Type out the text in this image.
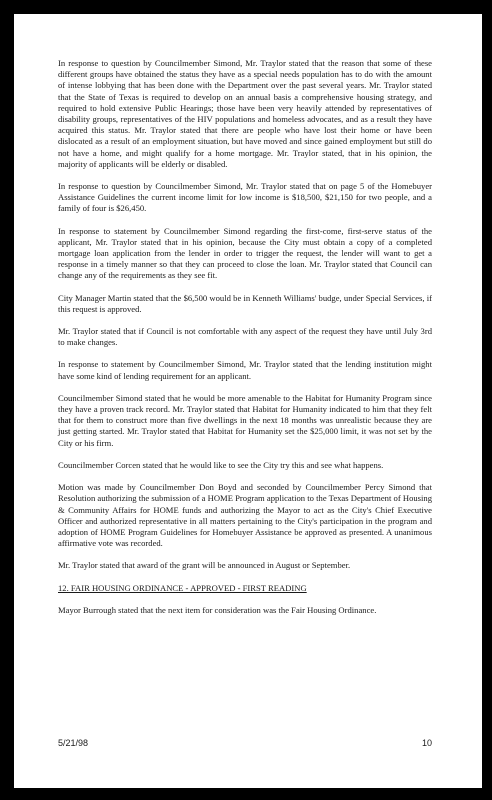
In response to question by Councilmember Simond, Mr. Traylor stated that the reason that some of these different groups have obtained the status they have as a special needs population has to do with the amount of intense lobbying that has been done with the Department over the past several years. Mr. Traylor stated that the State of Texas is required to develop on an annual basis a comprehensive housing strategy, and required to hold extensive Public Hearings; those have been very heavily attended by representatives of disability groups, representatives of the HIV populations and homeless advocates, and as a result they have acquired this status. Mr. Traylor stated that there are people who have lost their home or have been dislocated as a result of an employment situation, but have moved and since gained employment but still do not have a home, and might qualify for a home mortgage. Mr. Traylor stated, that in his opinion, the majority of applicants will be elderly or disabled.

In response to question by Councilmember Simond, Mr. Traylor stated that on page 5 of the Homebuyer Assistance Guidelines the current income limit for low income is $18,500, $21,150 for two people, and a family of four is $26,450.

In response to statement by Councilmember Simond regarding the first-come, first-serve status of the applicant, Mr. Traylor stated that in his opinion, because the City must obtain a copy of a completed mortgage loan application from the lender in order to trigger the request, the lender will want to get a response in a timely manner so that they can proceed to close the loan. Mr. Traylor stated that Council can change any of the requirements as they see fit.

City Manager Martin stated that the $6,500 would be in Kenneth Williams' budge, under Special Services, if this request is approved.

Mr. Traylor stated that if Council is not comfortable with any aspect of the request they have until July 3rd to make changes.

In response to statement by Councilmember Simond, Mr. Traylor stated that the lending institution might have some kind of lending requirement for an applicant.

Councilmember Simond stated that he would be more amenable to the Habitat for Humanity Program since they have a proven track record. Mr. Traylor stated that Habitat for Humanity indicated to him that they felt that for them to construct more than five dwellings in the next 18 months was unrealistic because they are just getting started. Mr. Traylor stated that Habitat for Humanity set the $25,000 limit, it was not set by the City or his firm.

Councilmember Corcen stated that he would like to see the City try this and see what happens.

Motion was made by Councilmember Don Boyd and seconded by Councilmember Percy Simond that Resolution authorizing the submission of a HOME Program application to the Texas Department of Housing & Community Affairs for HOME funds and authorizing the Mayor to act as the City's Chief Executive Officer and authorized representative in all matters pertaining to the City's participation in the program and adoption of HOME Program Guidelines for Homebuyer Assistance be approved as presented. A unanimous affirmative vote was recorded.

Mr. Traylor stated that award of the grant will be announced in August or September.

12. FAIR HOUSING ORDINANCE - APPROVED - FIRST READING

Mayor Burrough stated that the next item for consideration was the Fair Housing Ordinance.

5/21/98	10
